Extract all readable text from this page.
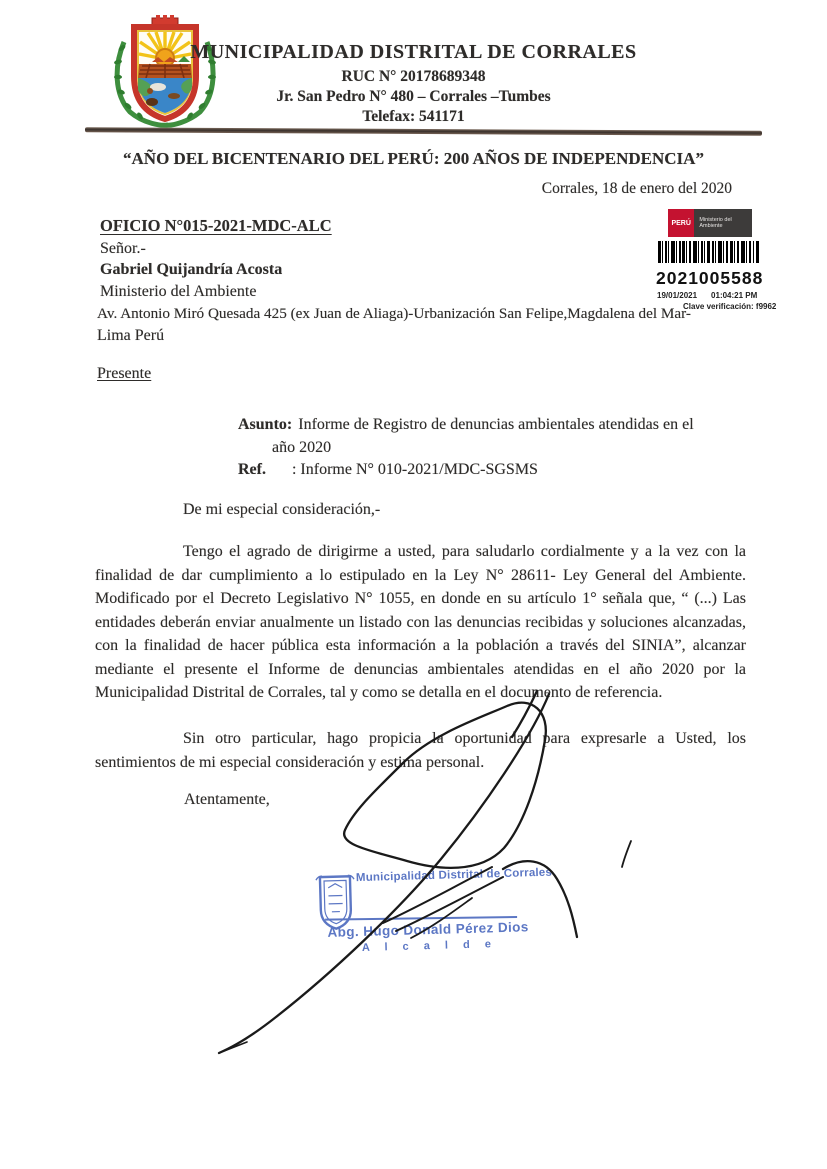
MUNICIPALIDAD DISTRITAL DE CORRALES
RUC N° 20178689348
Jr. San Pedro N° 480 – Corrales –Tumbes
Telefax: 541171
“AÑO DEL BICENTENARIO DEL PERÚ: 200 AÑOS DE INDEPENDENCIA”
Corrales, 18 de enero del 2020
PERÚ	Ministerio del Ambiente
2021005588
19/01/2021 01:04:21 PM
Clave verificación: f9962
OFICIO N°015-2021-MDC-ALC
Señor.-
Gabriel Quijandría Acosta
Ministerio del Ambiente
Av. Antonio Miró Quesada 425 (ex Juan de Aliaga)-Urbanización San Felipe,Magdalena del Mar-
Lima Perú
Presente
Asunto: Informe de Registro de denuncias ambientales atendidas en el
año 2020
Ref. : Informe N° 010-2021/MDC-SGSMS
De mi especial consideración,-
Tengo el agrado de dirigirme a usted, para saludarlo cordialmente y a la vez con la finalidad de dar cumplimiento a lo estipulado en la Ley N° 28611- Ley General del Ambiente. Modificado por el Decreto Legislativo N° 1055, en donde en su artículo 1° señala que, “ (...) Las entidades deberán enviar anualmente un listado con las denuncias recibidas y soluciones alcanzadas, con la finalidad de hacer pública esta información a la población a través del SINIA”, alcanzar mediante el presente el Informe de denuncias ambientales atendidas en el año 2020 por la Municipalidad Distrital de Corrales, tal y como se detalla en el documento de referencia.
Sin otro particular, hago propicia la oportunidad para expresarle a Usted, los sentimientos de mi especial consideración y estima personal.
Atentamente,
Municipalidad Distrital de Corrales
Abg. Hugo Donald Pérez Dios
A l c a l d e
